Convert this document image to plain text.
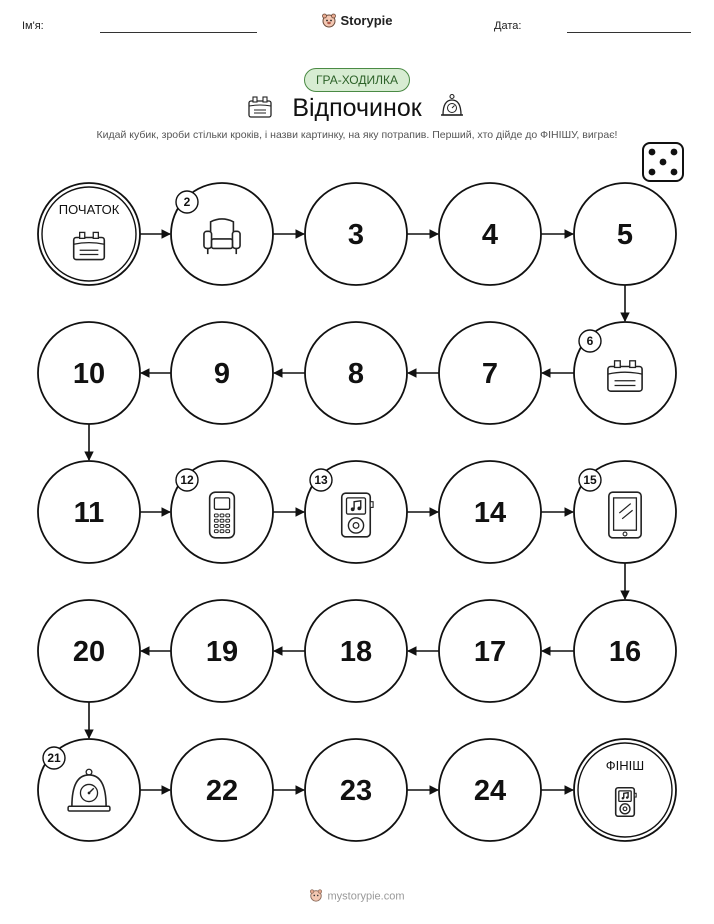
Ім'я:	Storypie	Дата:
ГРА-ХОДИЛКА
Відпочинок
Кидай кубик, зроби стільки кроків, і назви картинку, на яку потрапив. Перший, хто дійде до ФІНІШУ, виграє!
ПОЧАТОК	2
3	4	5
6
7
8
9
10
11
12	13
14
15
16
17
18
19
20
21
22	23	24
ФІНІШ
mystorypie.com
